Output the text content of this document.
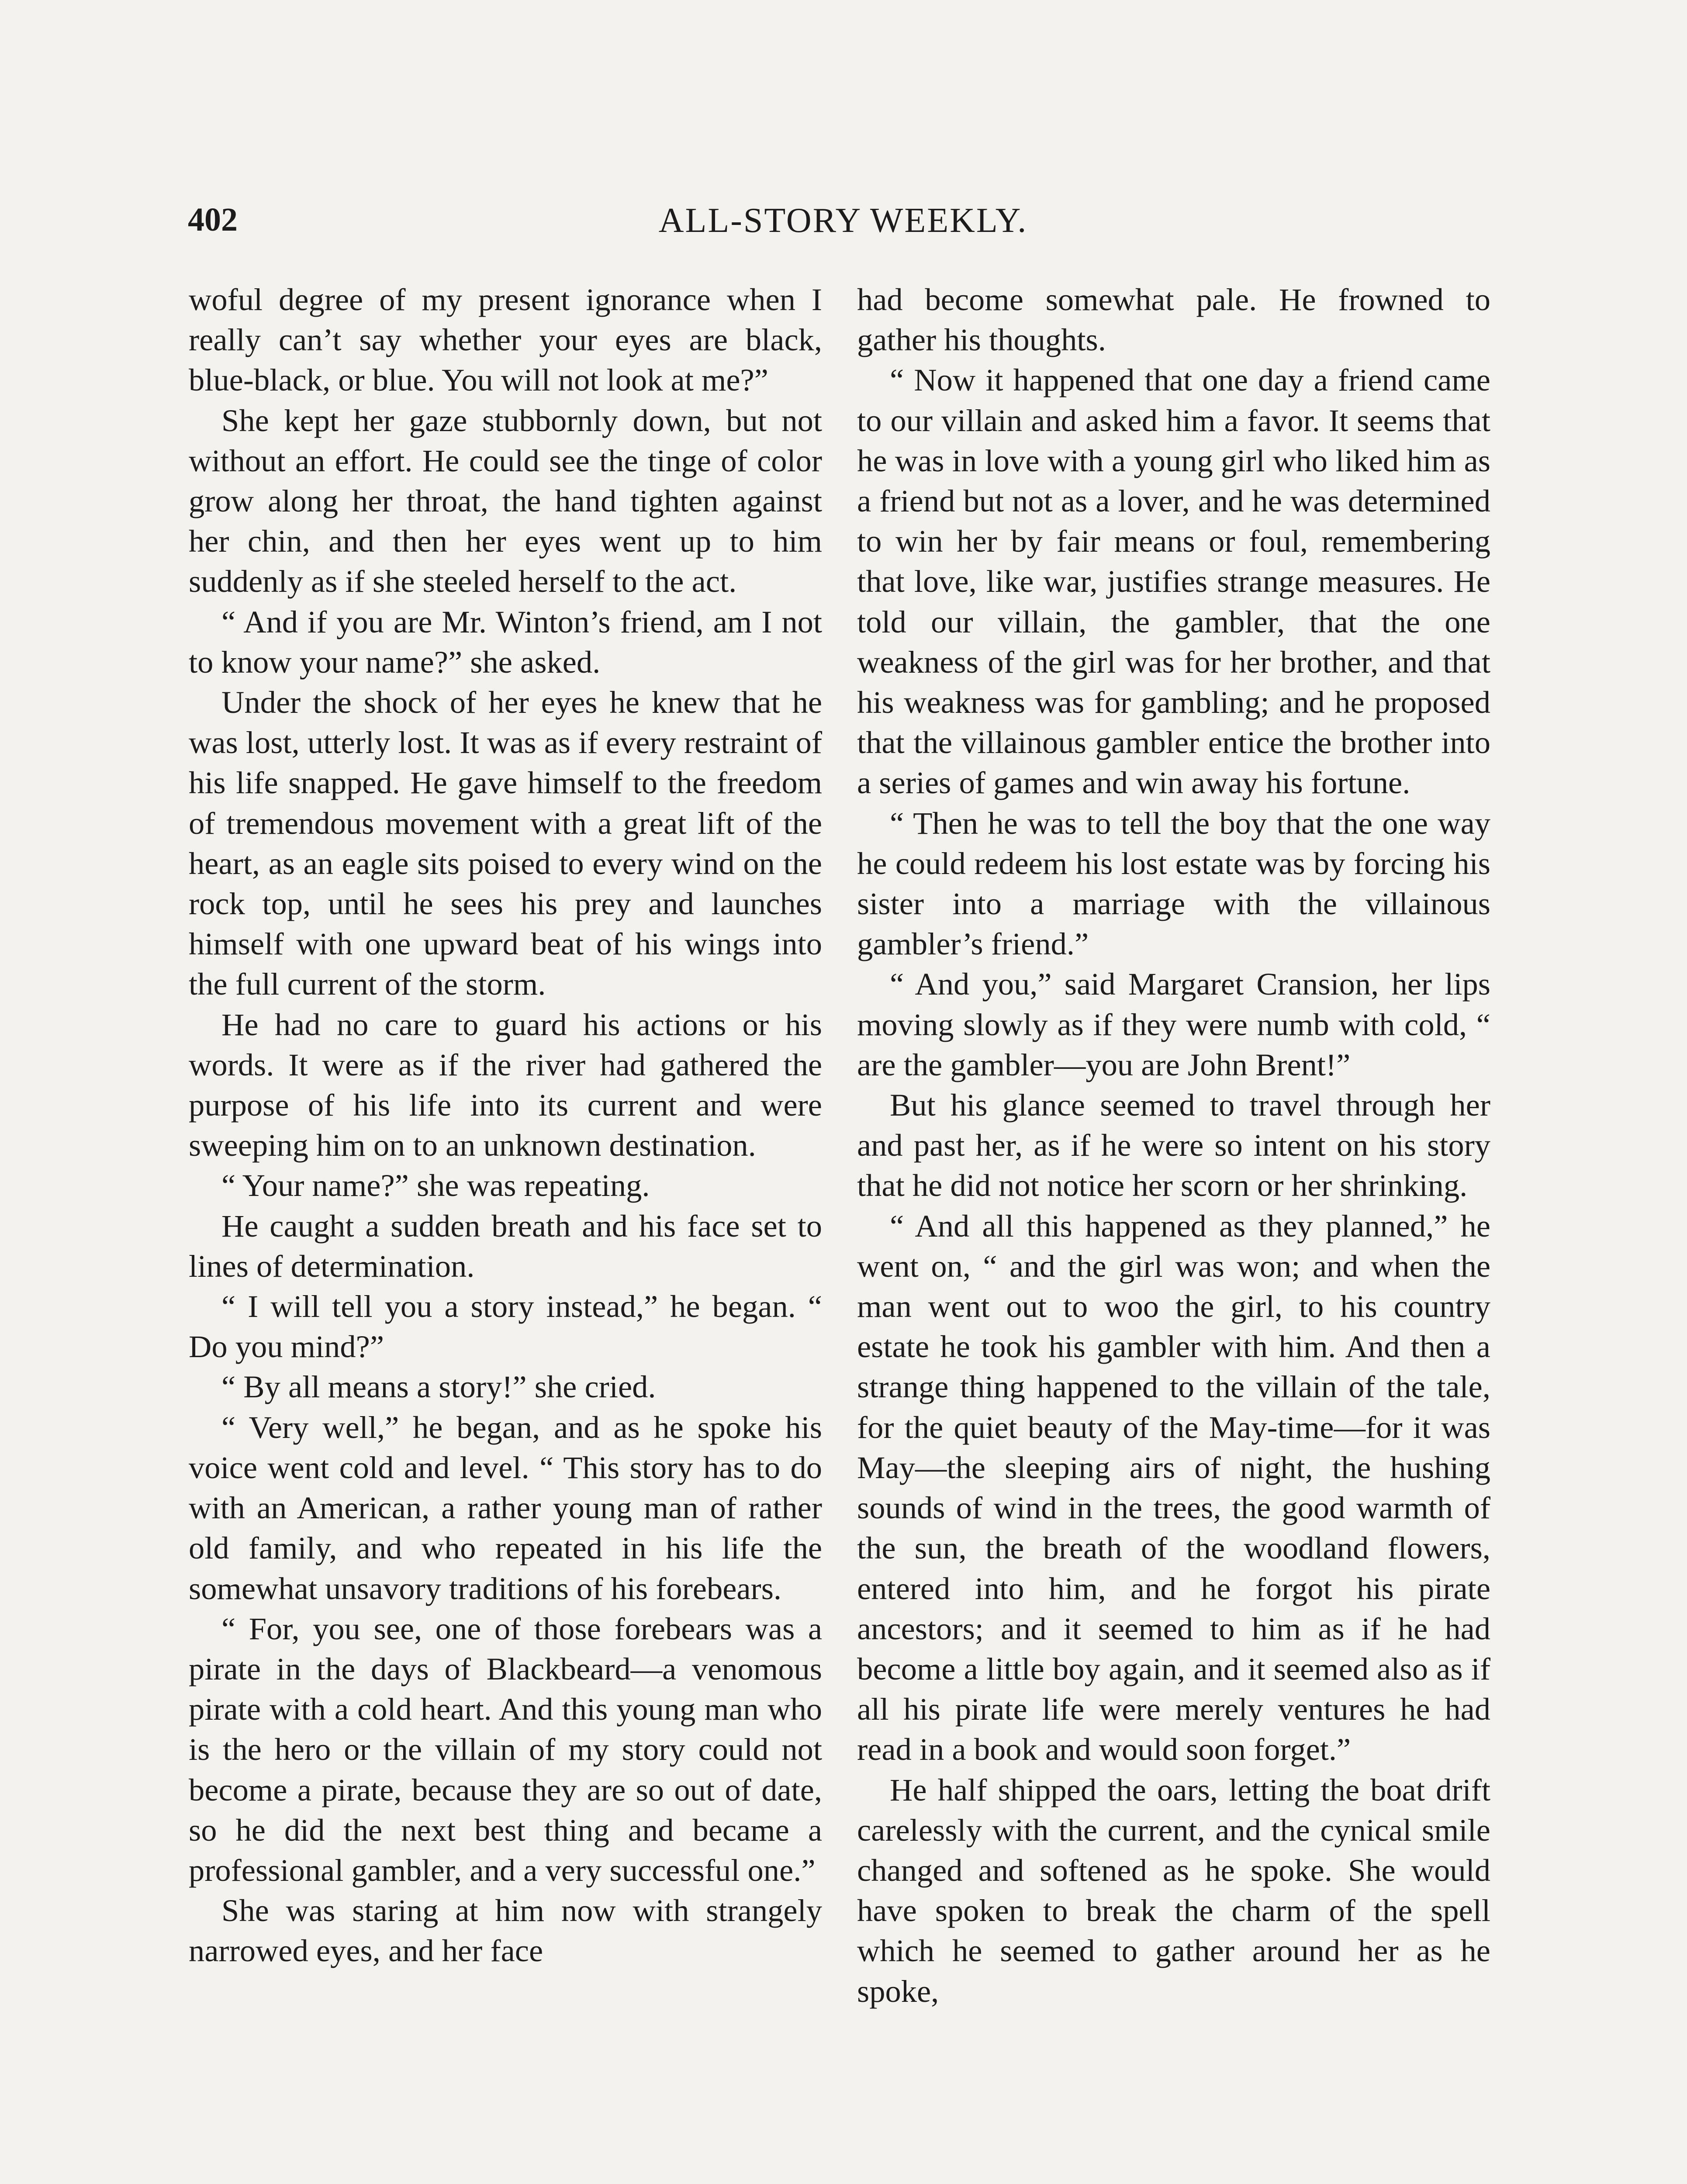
402	ALL-STORY WEEKLY.

woful degree of my present ignorance when I really can’t say whether your eyes are black, blue-black, or blue. You will not look at me?”

She kept her gaze stubbornly down, but not without an effort. He could see the tinge of color grow along her throat, the hand tighten against her chin, and then her eyes went up to him suddenly as if she steeled herself to the act.

“ And if you are Mr. Winton’s friend, am I not to know your name?” she asked.

Under the shock of her eyes he knew that he was lost, utterly lost. It was as if every restraint of his life snapped. He gave himself to the freedom of tremendous movement with a great lift of the heart, as an eagle sits poised to every wind on the rock top, until he sees his prey and launches himself with one upward beat of his wings into the full current of the storm.

He had no care to guard his actions or his words. It were as if the river had gathered the purpose of his life into its current and were sweeping him on to an unknown destination.

“ Your name?” she was repeating.

He caught a sudden breath and his face set to lines of determination.

“ I will tell you a story instead,” he began. “ Do you mind?”

“ By all means a story!” she cried.

“ Very well,” he began, and as he spoke his voice went cold and level. “ This story has to do with an American, a rather young man of rather old family, and who repeated in his life the somewhat unsavory traditions of his forebears.

“ For, you see, one of those forebears was a pirate in the days of Blackbeard—a venomous pirate with a cold heart. And this young man who is the hero or the villain of my story could not become a pirate, because they are so out of date, so he did the next best thing and became a professional gambler, and a very successful one.”

She was staring at him now with strangely narrowed eyes, and her face

had become somewhat pale. He frowned to gather his thoughts.

“ Now it happened that one day a friend came to our villain and asked him a favor. It seems that he was in love with a young girl who liked him as a friend but not as a lover, and he was determined to win her by fair means or foul, remembering that love, like war, justifies strange measures. He told our villain, the gambler, that the one weakness of the girl was for her brother, and that his weakness was for gambling; and he proposed that the villainous gambler entice the brother into a series of games and win away his fortune.

“ Then he was to tell the boy that the one way he could redeem his lost estate was by forcing his sister into a marriage with the villainous gambler’s friend.”

“ And you,” said Margaret Cransion, her lips moving slowly as if they were numb with cold, “ are the gambler—you are John Brent!”

But his glance seemed to travel through her and past her, as if he were so intent on his story that he did not notice her scorn or her shrinking.

“ And all this happened as they planned,” he went on, “ and the girl was won; and when the man went out to woo the girl, to his country estate he took his gambler with him. And then a strange thing happened to the villain of the tale, for the quiet beauty of the May-time—for it was May—the sleeping airs of night, the hushing sounds of wind in the trees, the good warmth of the sun, the breath of the woodland flowers, entered into him, and he forgot his pirate ancestors; and it seemed to him as if he had become a little boy again, and it seemed also as if all his pirate life were merely ventures he had read in a book and would soon forget.”

He half shipped the oars, letting the boat drift carelessly with the current, and the cynical smile changed and softened as he spoke. She would have spoken to break the charm of the spell which he seemed to gather around her as he spoke,
